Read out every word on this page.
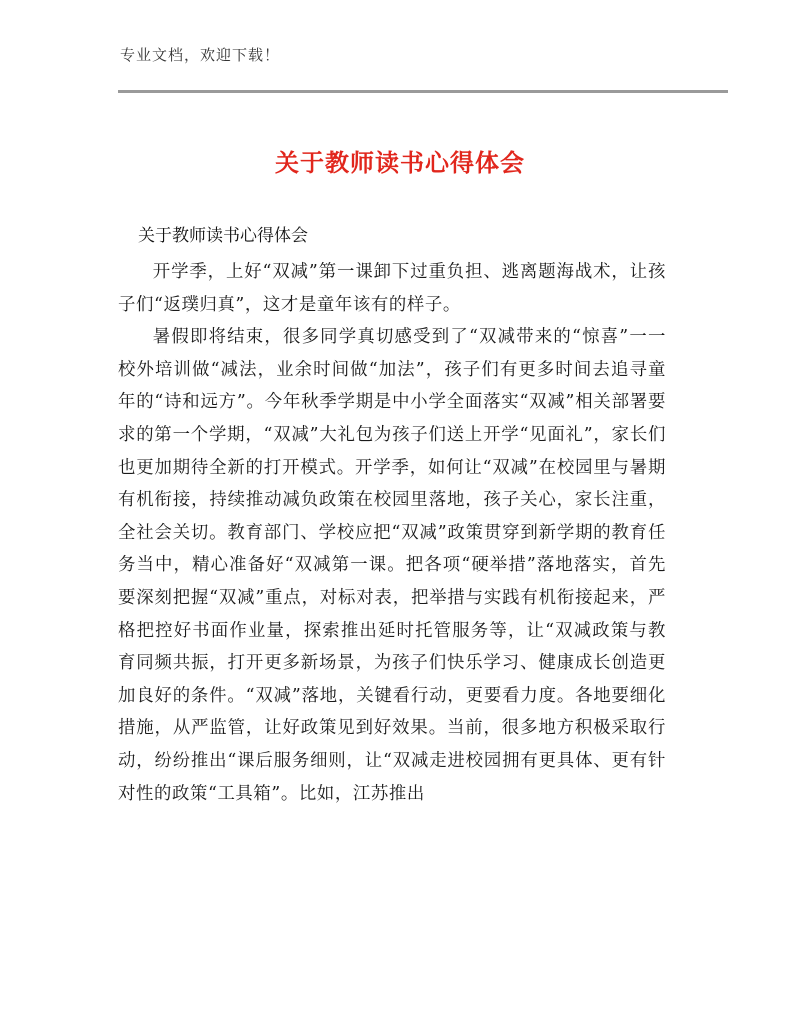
专业文档，欢迎下载！
关于教师读书心得体会
关于教师读书心得体会

开学季，上好“双减”第一课卸下过重负担、逃离题海战术，让孩子们“返璞归真”，这才是童年该有的样子。

暑假即将结束，很多同学真切感受到了“双减带来的“惊喜”一一校外培训做“减法，业余时间做“加法”，孩子们有更多时间去追寻童年的“诗和远方”。今年秋季学期是中小学全面落实“双减”相关部署要求的第一个学期，“双减”大礼包为孩子们送上开学“见面礼”，家长们也更加期待全新的打开模式。开学季，如何让“双减”在校园里与暑期有机衔接，持续推动减负政策在校园里落地，孩子关心，家长注重，全社会关切。教育部门、学校应把“双减”政策贯穿到新学期的教育任务当中，精心准备好“双减第一课。把各项“硬举措”落地落实，首先要深刻把握“双减”重点，对标对表，把举措与实践有机衔接起来，严格把控好书面作业量，探索推出延时托管服务等，让“双减政策与教育同频共振，打开更多新场景，为孩子们快乐学习、健康成长创造更加良好的条件。“双减”落地，关键看行动，更要看力度。各地要细化措施，从严监管，让好政策见到好效果。当前，很多地方积极采取行动，纷纷推出“课后服务细则，让“双减走进校园拥有更具体、更有针对性的政策“工具箱”。比如，江苏推出
